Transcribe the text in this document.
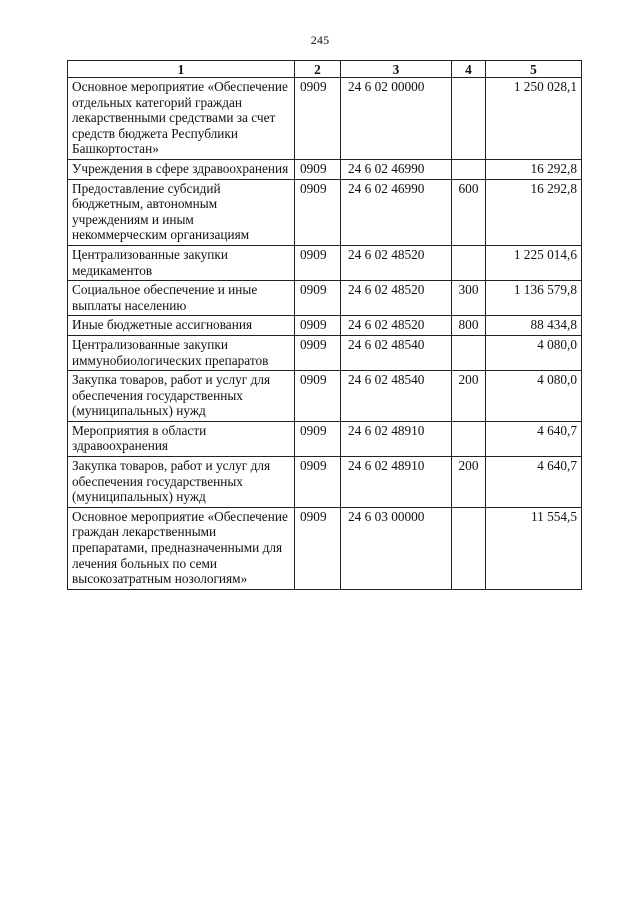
245
1	2	3	4	5
Основное мероприятие «Обеспечение отдельных категорий граждан лекарственными средствами за счет средств бюджета Республики Башкортостан»	0909	24 6 02 00000		1 250 028,1
Учреждения в сфере здравоохранения	0909	24 6 02 46990		16 292,8
Предоставление субсидий бюджетным, автономным учреждениям и иным некоммерческим организациям	0909	24 6 02 46990	600	16 292,8
Централизованные закупки медикаментов	0909	24 6 02 48520		1 225 014,6
Социальное обеспечение и иные выплаты населению	0909	24 6 02 48520	300	1 136 579,8
Иные бюджетные ассигнования	0909	24 6 02 48520	800	88 434,8
Централизованные закупки иммунобиологических препаратов	0909	24 6 02 48540		4 080,0
Закупка товаров, работ и услуг для обеспечения государственных (муниципальных) нужд	0909	24 6 02 48540	200	4 080,0
Мероприятия в области здравоохранения	0909	24 6 02 48910		4 640,7
Закупка товаров, работ и услуг для обеспечения государственных (муниципальных) нужд	0909	24 6 02 48910	200	4 640,7
Основное мероприятие «Обеспечение граждан лекарственными препаратами, предназначенными для лечения больных по семи высокозатратным нозологиям»	0909	24 6 03 00000		11 554,5
